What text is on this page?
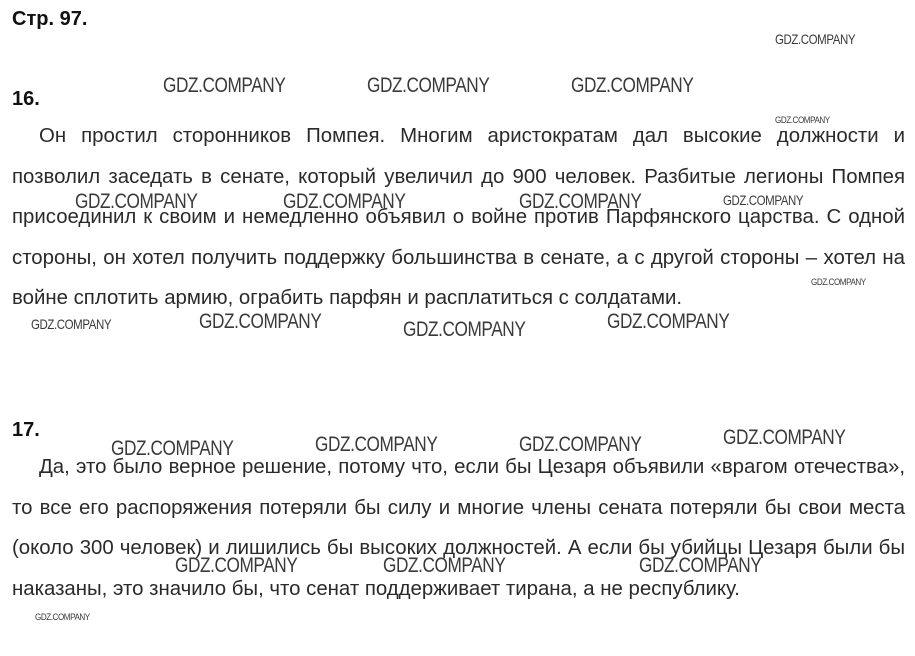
Стр. 97.
16.

Он простил сторонников Помпея. Многим аристократам дал высокие должности и позволил заседать в сенате, который увеличил до 900 человек. Разбитые легионы Помпея присоединил к своим и немедленно объявил о войне против Парфянского царства. С одной стороны, он хотел получить поддержку большинства в сенате, а с другой стороны – хотел на войне сплотить армию, ограбить парфян и расплатиться с солдатами.

17.

Да, это было верное решение, потому что, если бы Цезаря объявили «врагом отечества», то все его распоряжения потеряли бы силу и многие члены сената потеряли бы свои места (около 300 человек) и лишились бы высоких должностей. А если бы убийцы Цезаря были бы наказаны, это значило бы, что сенат поддерживает тирана, а не республику.

GDZ.COMPANY
GDZ.COMPANY	GDZ.COMPANY	GDZ.COMPANY
GDZ.COMPANY
GDZ.COMPANY	GDZ.COMPANY	GDZ.COMPANY	GDZ.COMPANY
GDZ.COMPANY
GDZ.COMPANY	GDZ.COMPANY	GDZ.COMPANY	GDZ.COMPANY
GDZ.COMPANY	GDZ.COMPANY	GDZ.COMPANY	GDZ.COMPANY
GDZ.COMPANY	GDZ.COMPANY	GDZ.COMPANY
GDZ.COMPANY
